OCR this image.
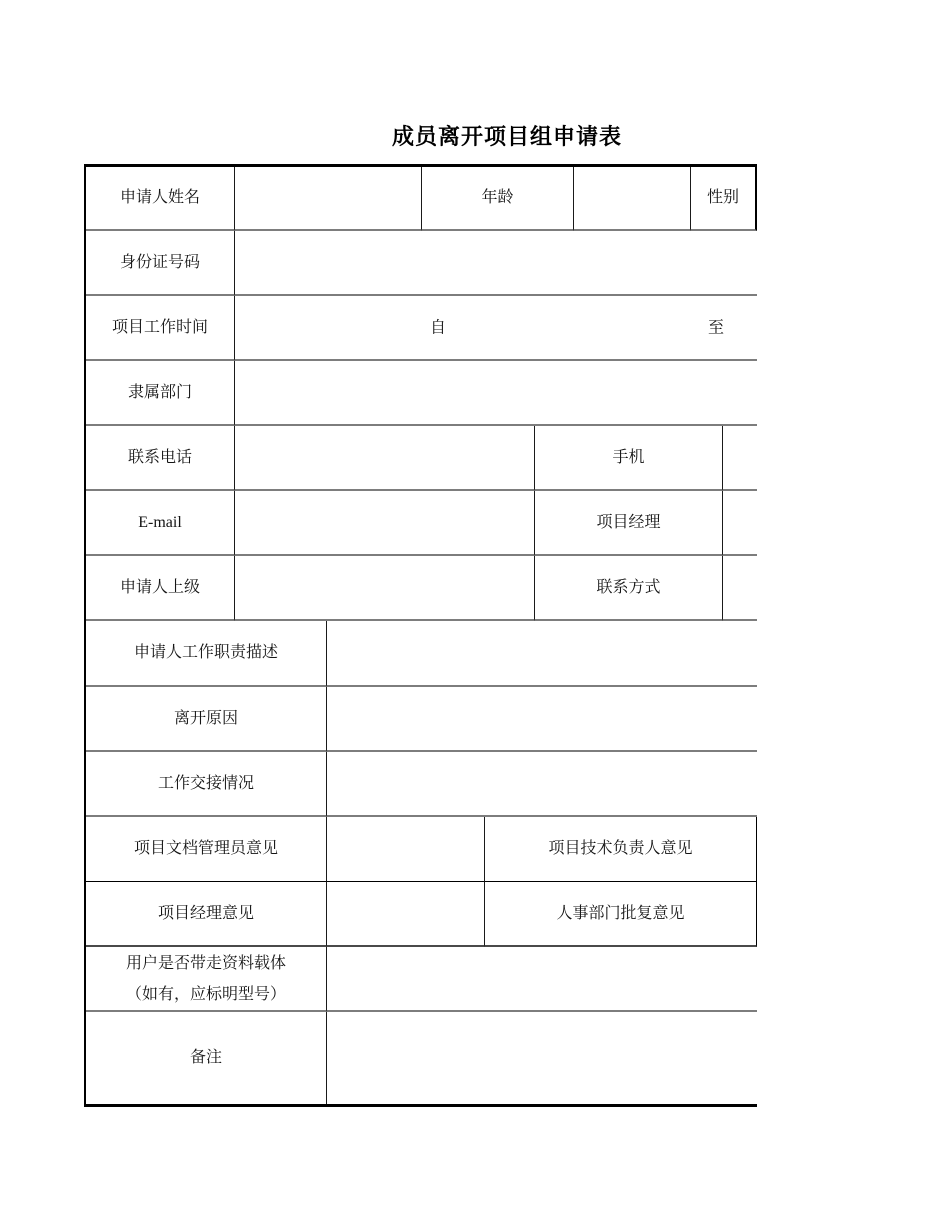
成员离开项目组申请表
申请人姓名	年龄	性别
身份证号码
项目工作时间	自	至
隶属部门
联系电话	手机
E-mail	项目经理
申请人上级	联系方式
申请人工作职责描述
离开原因
工作交接情况
项目文档管理员意见	项目技术负责人意见
项目经理意见	人事部门批复意见
用户是否带走资料载体
（如有，应标明型号）
备注
